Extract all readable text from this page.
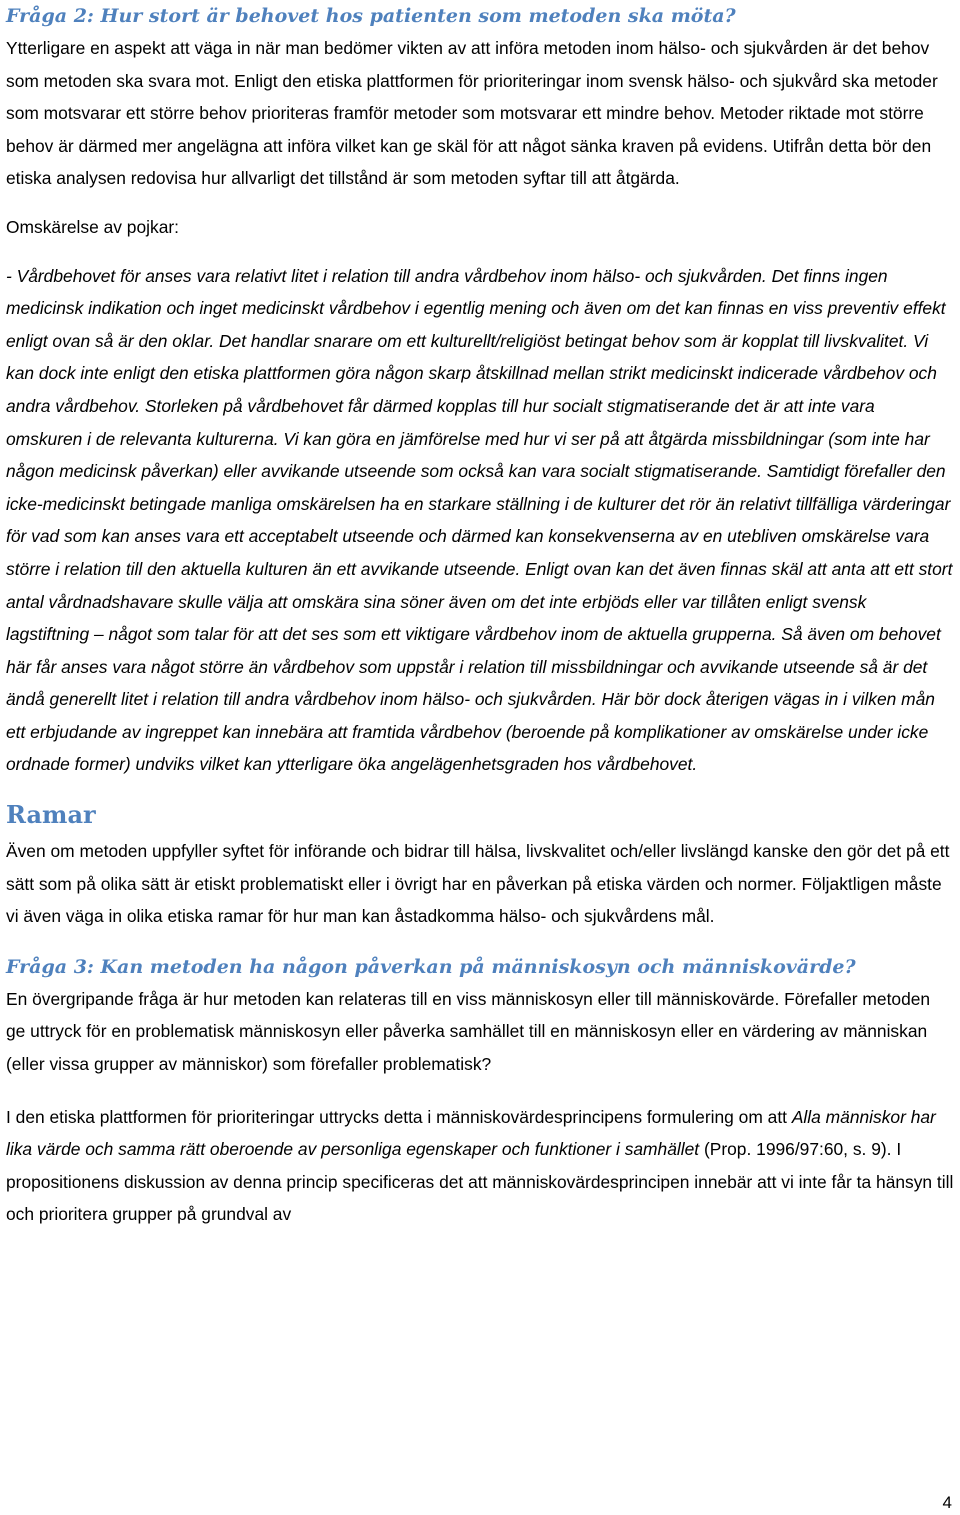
Fråga 2: Hur stort är behovet hos patienten som metoden ska möta?

Ytterligare en aspekt att väga in när man bedömer vikten av att införa metoden inom hälso- och sjukvården är det behov som metoden ska svara mot. Enligt den etiska plattformen för prioriteringar inom svensk hälso- och sjukvård ska metoder som motsvarar ett större behov prioriteras framför metoder som motsvarar ett mindre behov. Metoder riktade mot större behov är därmed mer angelägna att införa vilket kan ge skäl för att något sänka kraven på evidens. Utifrån detta bör den etiska analysen redovisa hur allvarligt det tillstånd är som metoden syftar till att åtgärda.

Omskärelse av pojkar:

- Vårdbehovet för anses vara relativt litet i relation till andra vårdbehov inom hälso- och sjukvården. Det finns ingen medicinsk indikation och inget medicinskt vårdbehov i egentlig mening och även om det kan finnas en viss preventiv effekt enligt ovan så är den oklar. Det handlar snarare om ett kulturellt/religiöst betingat behov som är kopplat till livskvalitet. Vi kan dock inte enligt den etiska plattformen göra någon skarp åtskillnad mellan strikt medicinskt indicerade vårdbehov och andra vårdbehov. Storleken på vårdbehovet får därmed kopplas till hur socialt stigmatiserande det är att inte vara omskuren i de relevanta kulturerna. Vi kan göra en jämförelse med hur vi ser på att åtgärda missbildningar (som inte har någon medicinsk påverkan) eller avvikande utseende som också kan vara socialt stigmatiserande. Samtidigt förefaller den icke-medicinskt betingade manliga omskärelsen ha en starkare ställning i de kulturer det rör än relativt tillfälliga värderingar för vad som kan anses vara ett acceptabelt utseende och därmed kan konsekvenserna av en utebliven omskärelse vara större i relation till den aktuella kulturen än ett avvikande utseende. Enligt ovan kan det även finnas skäl att anta att ett stort antal vårdnadshavare skulle välja att omskära sina söner även om det inte erbjöds eller var tillåten enligt svensk lagstiftning – något som talar för att det ses som ett viktigare vårdbehov inom de aktuella grupperna. Så även om behovet här får anses vara något större än vårdbehov som uppstår i relation till missbildningar och avvikande utseende så är det ändå generellt litet i relation till andra vårdbehov inom hälso- och sjukvården. Här bör dock återigen vägas in i vilken mån ett erbjudande av ingreppet kan innebära att framtida vårdbehov (beroende på komplikationer av omskärelse under icke ordnade former) undviks vilket kan ytterligare öka angelägenhetsgraden hos vårdbehovet.

Ramar

Även om metoden uppfyller syftet för införande och bidrar till hälsa, livskvalitet och/eller livslängd kanske den gör det på ett sätt som på olika sätt är etiskt problematiskt eller i övrigt har en påverkan på etiska värden och normer. Följaktligen måste vi även väga in olika etiska ramar för hur man kan åstadkomma hälso- och sjukvårdens mål.

Fråga 3: Kan metoden ha någon påverkan på människosyn och människovärde?

En övergripande fråga är hur metoden kan relateras till en viss människosyn eller till människovärde. Förefaller metoden ge uttryck för en problematisk människosyn eller påverka samhället till en människosyn eller en värdering av människan (eller vissa grupper av människor) som förefaller problematisk?

I den etiska plattformen för prioriteringar uttrycks detta i människovärdesprincipens formulering om att Alla människor har lika värde och samma rätt oberoende av personliga egenskaper och funktioner i samhället (Prop. 1996/97:60, s. 9). I propositionens diskussion av denna princip specificeras det att människovärdesprincipen innebär att vi inte får ta hänsyn till och prioritera grupper på grundval av

4
